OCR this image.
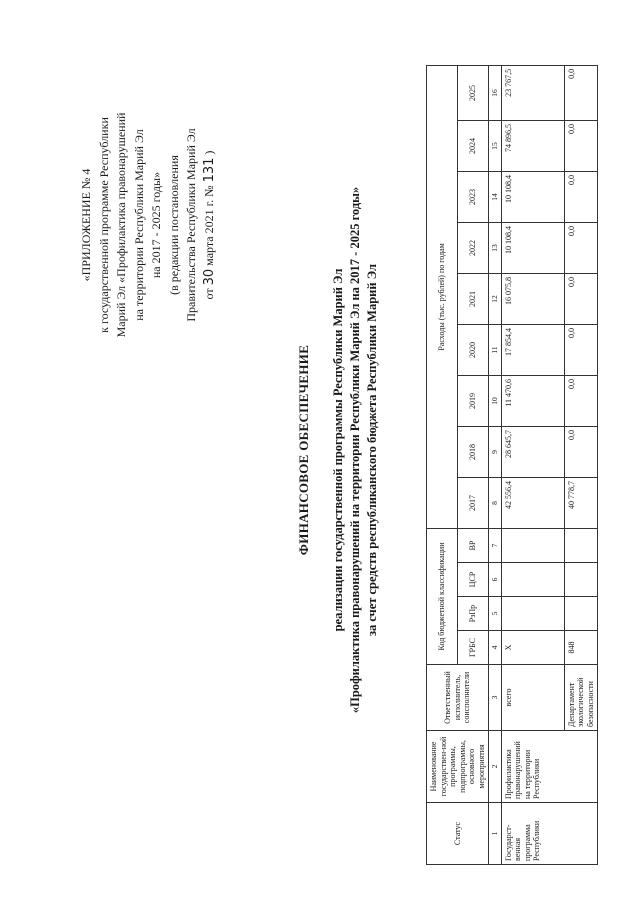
«ПРИЛОЖЕНИЕ № 4 к государственной программе Республики Марий Эл «Профилактика правонарушений на территории Республики Марий Эл на 2017 - 2025 годы» (в редакции постановления Правительства Республики Марий Эл от 30 марта 2021 г. № 131 )
ФИНАНСОВОЕ ОБЕСПЕЧЕНИЕ реализации государственной программы Республики Марий Эл «Профилактика правонарушений на территории Республики Марий Эл на 2017 - 2025 годы» за счет средств республиканского бюджета Республики Марий Эл
Статус	Наименование государствен-ной программы, подпрограммы, основного мероприятия	Ответственный исполнитель, соисполнители	Код бюджетной классификации				Расходы (тыс. рублей) по годам								
			ГРБС	РзПр	ЦСР	ВР	2017	2018	2019	2020	2021	2022	2023	2024	2025
1	2	3	4	5	6	7	8	9	10	11	12	13	14	15	16
Государст-венная программа Республики	Профилактика правонарушений на территории Республики	всего	Х				42 556,4	28 645,7	11 470,6	17 854,4	16 075,8	10 108,4	10 108,4	74 896,5	23 767,5
		Департамент экологической безопасности	848				40 778,7	0,0	0,0	0,0	0,0	0,0	0,0	0,0	0,0
